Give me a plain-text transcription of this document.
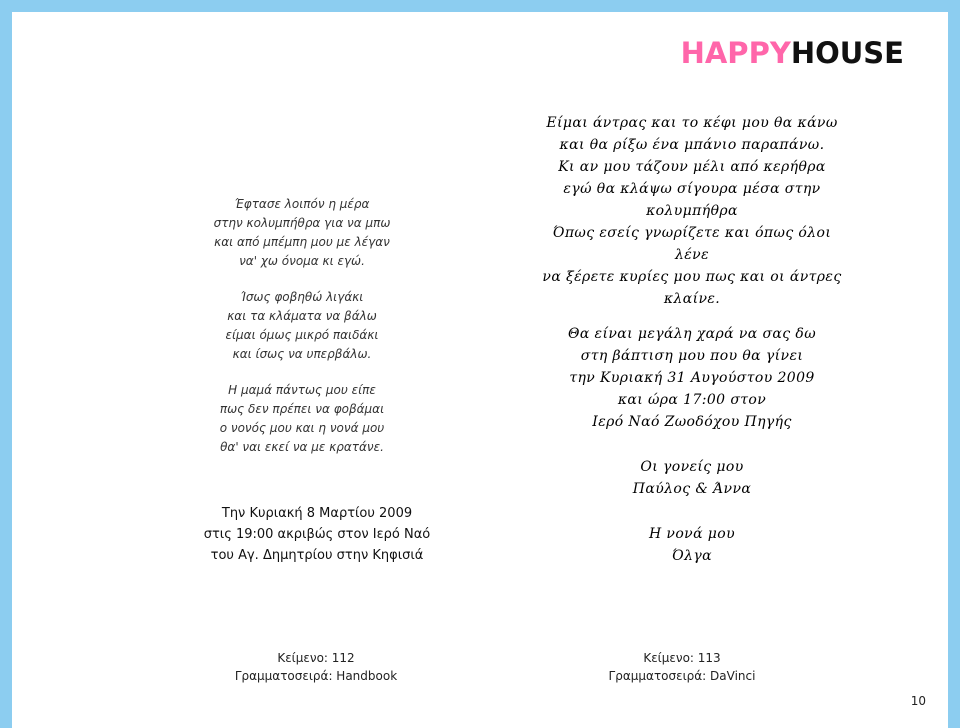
HAPPYHOUSE

Έφτασε λοιπόν η μέρα
στην κολυμπήθρα για να μπω
και από μπέμπη μου με λέγαν
να' χω όνομα κι εγώ.

Ίσως φοβηθώ λιγάκι
και τα κλάματα να βάλω
είμαι όμως μικρό παιδάκι
και ίσως να υπερβάλω.

Η μαμά πάντως μου είπε
πως δεν πρέπει να φοβάμαι
ο νονός μου και η νονά μου
θα' ναι εκεί να με κρατάνε.

Την Κυριακή 8 Μαρτίου 2009
στις 19:00 ακριβώς στον Ιερό Ναό
του Αγ. Δημητρίου στην Κηφισιά
Είμαι άντρας και το κέφι μου θα κάνω
και θα ρίξω ένα μπάνιο παραπάνω.
Κι αν μου τάζουν μέλι από κερήθρα
εγώ θα κλάψω σίγουρα μέσα στην
κολυμπήθρα
Όπως εσείς γνωρίζετε και όπως όλοι
λένε
να ξέρετε κυρίες μου πως και οι άντρες
κλαίνε.
Θα είναι μεγάλη χαρά να σας δω
στη βάπτιση μου που θα γίνει
την Κυριακή 31 Αυγούστου 2009
και ώρα 17:00 στον
Ιερό Ναό Ζωοδόχου Πηγής
Οι γονείς μου
Παύλος & Άννα
Η νονά μου
Όλγα
Κείμενο: 112
Γραμματοσειρά: Handbook
Κείμενο: 113
Γραμματοσειρά: DaVinci
10
